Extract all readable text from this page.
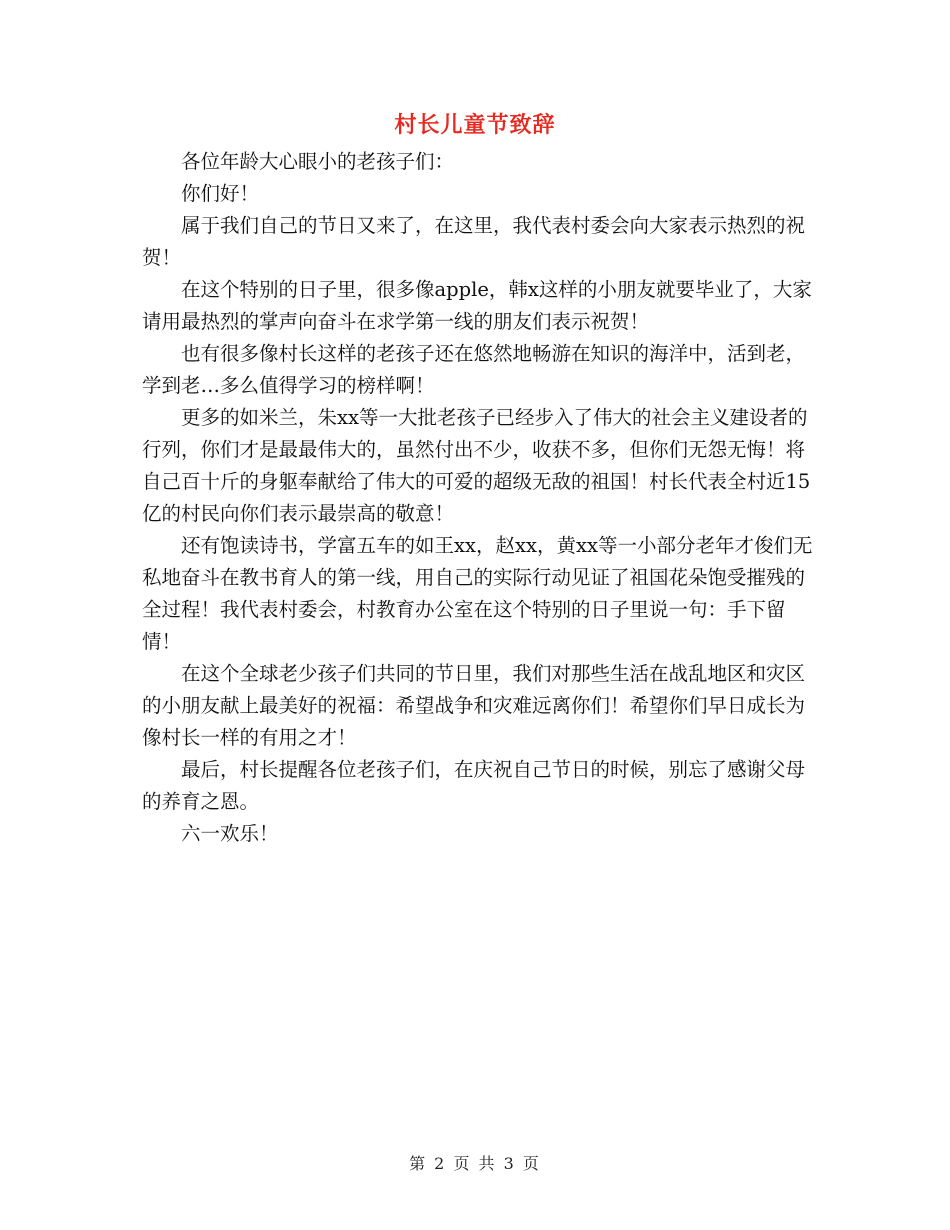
村长儿童节致辞

各位年龄大心眼小的老孩子们：

你们好！

属于我们自己的节日又来了，在这里，我代表村委会向大家表示热烈的祝贺！

在这个特别的日子里，很多像apple，韩x这样的小朋友就要毕业了，大家请用最热烈的掌声向奋斗在求学第一线的朋友们表示祝贺！

也有很多像村长这样的老孩子还在悠然地畅游在知识的海洋中，活到老，学到老…多么值得学习的榜样啊！

更多的如米兰，朱xx等一大批老孩子已经步入了伟大的社会主义建设者的行列，你们才是最最伟大的，虽然付出不少，收获不多，但你们无怨无悔！将自己百十斤的身躯奉献给了伟大的可爱的超级无敌的祖国！村长代表全村近15亿的村民向你们表示最崇高的敬意！

还有饱读诗书，学富五车的如王xx，赵xx，黄xx等一小部分老年才俊们无私地奋斗在教书育人的第一线，用自己的实际行动见证了祖国花朵饱受摧残的全过程！我代表村委会，村教育办公室在这个特别的日子里说一句：手下留情！

在这个全球老少孩子们共同的节日里，我们对那些生活在战乱地区和灾区的小朋友献上最美好的祝福：希望战争和灾难远离你们！希望你们早日成长为像村长一样的有用之才！

最后，村长提醒各位老孩子们，在庆祝自己节日的时候，别忘了感谢父母的养育之恩。

六一欢乐！

第 2 页 共 3 页
